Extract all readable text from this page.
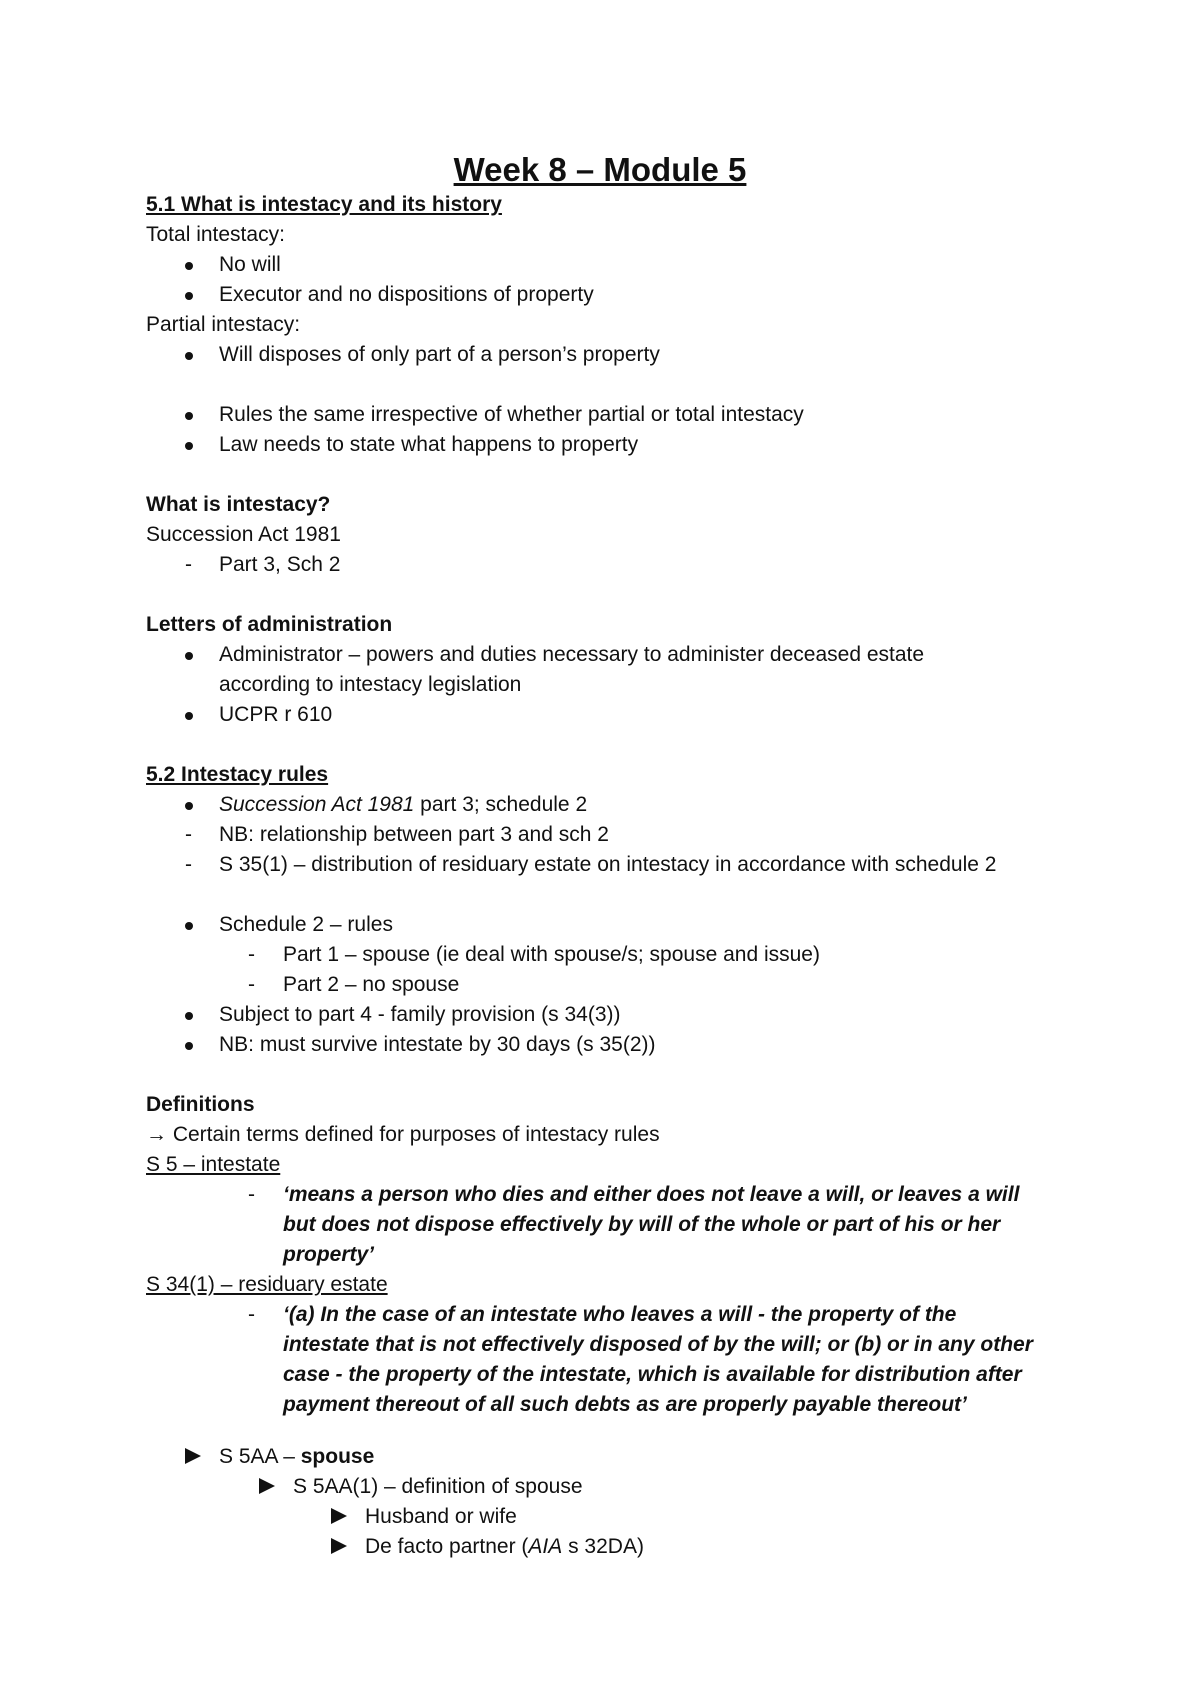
Week 8 – Module 5
5.1 What is intestacy and its history
Total intestacy:
No will
Executor and no dispositions of property
Partial intestacy:
Will disposes of only part of a person’s property
Rules the same irrespective of whether partial or total intestacy
Law needs to state what happens to property
What is intestacy?
Succession Act 1981
- Part 3, Sch 2
Letters of administration
Administrator – powers and duties necessary to administer deceased estate
according to intestacy legislation
UCPR r 610
5.2 Intestacy rules
Succession Act 1981 part 3; schedule 2
- NB: relationship between part 3 and sch 2
- S 35(1) – distribution of residuary estate on intestacy in accordance with schedule 2
Schedule 2 – rules
- Part 1 – spouse (ie deal with spouse/s; spouse and issue)
- Part 2 – no spouse
Subject to part 4 - family provision (s 34(3))
NB: must survive intestate by 30 days (s 35(2))
Definitions
→ Certain terms defined for purposes of intestacy rules
S 5 – intestate
- ‘means a person who dies and either does not leave a will, or leaves a will
but does not dispose effectively by will of the whole or part of his or her
property’
S 34(1) – residuary estate
- ‘(a) In the case of an intestate who leaves a will - the property of the
intestate that is not effectively disposed of by the will; or (b) or in any other
case - the property of the intestate, which is available for distribution after
payment thereout of all such debts as are properly payable thereout’
S 5AA – spouse
S 5AA(1) – definition of spouse
Husband or wife
De facto partner (AIA s 32DA)
